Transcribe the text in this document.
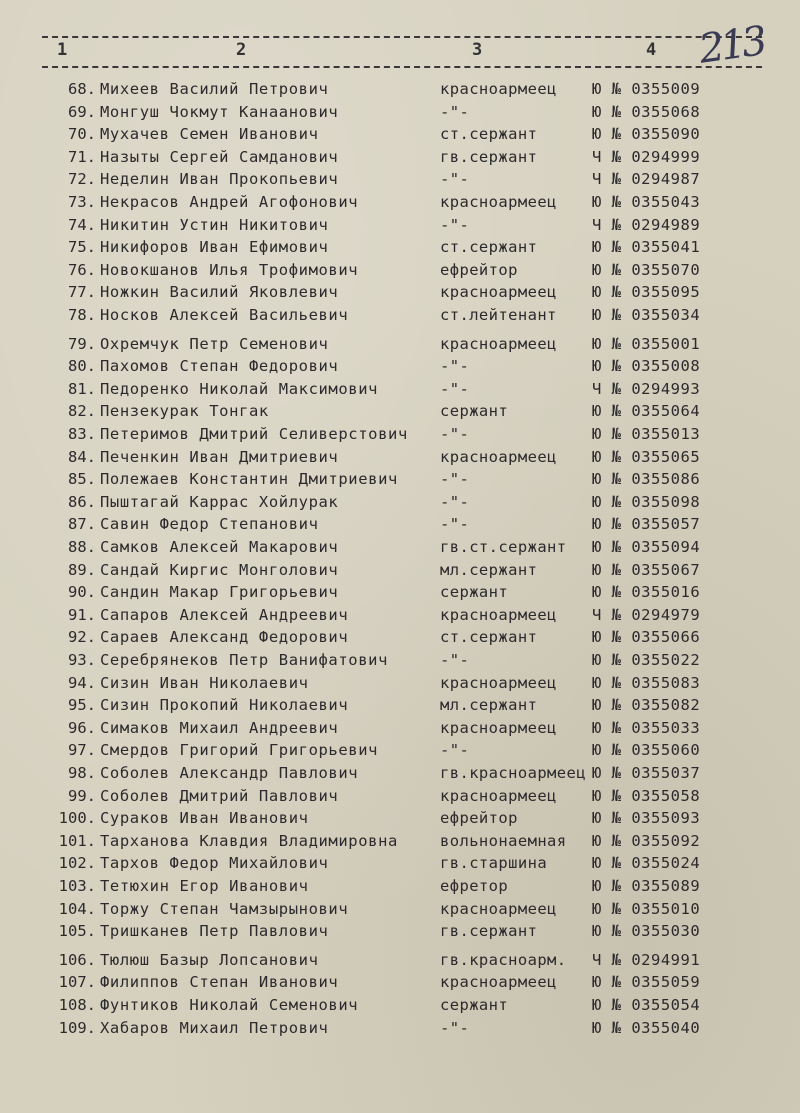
1	2	3	4 213
68. Михеев Василий Петрович	красноармеец Ю № 0355009
69. Монгуш Чокмут Канаанович	-"-	Ю № 0355068
70. Мухачев Семен Иванович	ст.сержант	Ю № 0355090
71. Назыты Сергей Самданович	гв.сержант	Ч № 0294999
72. Неделин Иван Прокопьевич	-"-	Ч № 0294987
73. Некрасов Андрей Агофонович	красноармеец Ю № 0355043
74. Никитин Устин Никитович	-"-	Ч № 0294989
75. Никифоров Иван Ефимович	ст.сержант	Ю № 0355041
76. Новокшанов Илья Трофимович	ефрейтор	Ю № 0355070
77. Ножкин Василий Яковлевич	красноармеец Ю № 0355095
78. Носков Алексей Васильевич	ст.лейтенант Ю № 0355034
79. Охремчук Петр Семенович	красноармеец Ю № 0355001
80. Пахомов Степан Федорович	-"-	Ю № 0355008
81. Педоренко Николай Максимович	-"-	Ч № 0294993
82. Пензекурак Тонгак	сержант	Ю № 0355064
83. Петеримов Дмитрий Селиверстович -"-	Ю № 0355013
84. Печенкин Иван Дмитриевич	красноармеец Ю № 0355065
85. Полежаев Константин Дмитриевич	-"-	Ю № 0355086
86. Пыштагай Каррас Хойлурак	-"-	Ю № 0355098
87. Савин Федор Степанович	-"-	Ю № 0355057
88. Самков Алексей Макарович	гв.ст.сержант Ю № 0355094
89. Сандай Киргис Монголович	мл.сержант	Ю № 0355067
90. Сандин Макар Григорьевич	сержант	Ю № 0355016
91. Сапаров Алексей Андреевич	красноармеец Ч № 0294979
92. Сараев Александ Федорович	ст.сержант	Ю № 0355066
93. Серебрянеков Петр Ванифатович	-"-	Ю № 0355022
94. Сизин Иван Николаевич	красноармеец Ю № 0355083
95. Сизин Прокопий Николаевич	мл.сержант	Ю № 0355082
96. Симаков Михаил Андреевич	красноармеец Ю № 0355033
97. Смердов Григорий Григорьевич	-"-	Ю № 0355060
98. Соболев Александр Павлович	гв.красноармеец Ю № 0355037
99. Соболев Дмитрий Павлович	красноармеец Ю № 0355058
100. Сураков Иван Иванович	ефрейтор	Ю № 0355093
101. Тарханова Клавдия Владимировна	вольнонаемная Ю № 0355092
102. Тархов Федор Михайлович	гв.старшина	Ю № 0355024
103. Тетюхин Егор Иванович	ефретор	Ю № 0355089
104. Торжу Степан Чамзырынович	красноармеец Ю № 0355010
105. Тришканев Петр Павлович	гв.сержант	Ю № 0355030
106. Тюлюш Базыр Лопсанович	гв.красноарм. Ч № 0294991
107. Филиппов Степан Иванович	красноармеец Ю № 0355059
108. Фунтиков Николай Семенович	сержант	Ю № 0355054
109. Хабаров Михаил Петрович	-"-	Ю № 0355040
